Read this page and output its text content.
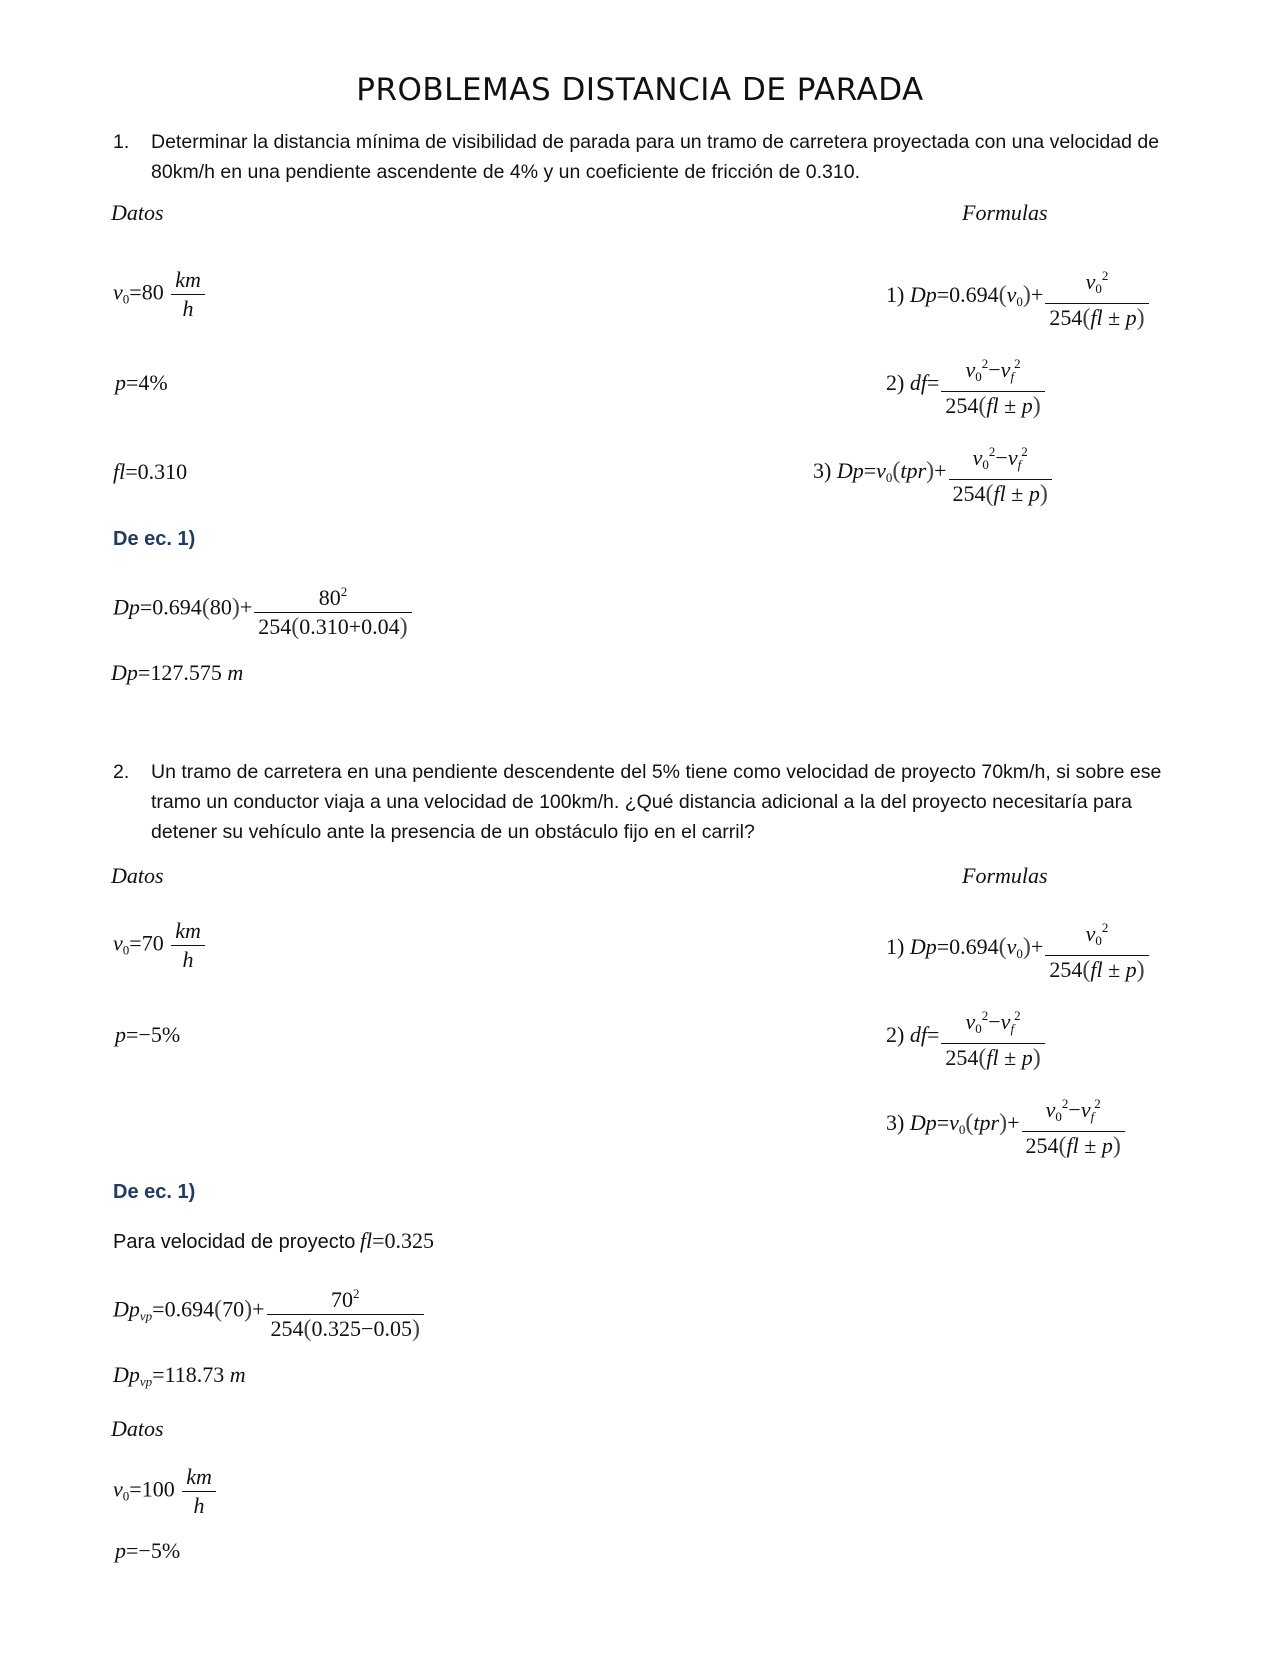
PROBLEMAS DISTANCIA DE PARADA
1. Determinar la distancia mínima de visibilidad de parada para un tramo de carretera proyectada con una velocidad de 80km/h en una pendiente ascendente de 4% y un coeficiente de fricción de 0.310.
Datos	Formulas
$v_0=80 \frac{km}{h}$
p=4%
fl=0.310
1) $Dp=0.694(v_0)+ \frac{v_0^2}{254(fl \pm p)}$
2) $df= \frac{v_0^2-v_f^2}{254(fl \pm p)}$
3) $Dp=v_0(tpr)+ \frac{v_0^2-v_f^2}{254(fl \pm p)}$
De ec. 1)
$Dp=0.694(80)+ \frac{80^2}{254(0.310+0.04)}$
Dp=127.575 m
2. Un tramo de carretera en una pendiente descendente del 5% tiene como velocidad de proyecto 70km/h, si sobre ese tramo un conductor viaja a una velocidad de 100km/h. ¿Qué distancia adicional a la del proyecto necesitaría para detener su vehículo ante la presencia de un obstáculo fijo en el carril?
Datos	Formulas
$v_0=70 \frac{km}{h}$
p=−5%
1) $Dp=0.694(v_0)+ \frac{v_0^2}{254(fl \pm p)}$
2) $df= \frac{v_0^2-v_f^2}{254(fl \pm p)}$
3) $Dp=v_0(tpr)+ \frac{v_0^2-v_f^2}{254(fl \pm p)}$
De ec. 1)
Para velocidad de proyecto fl=0.325
$Dp_{vp}=0.694(70)+ \frac{70^2}{254(0.325-0.05)}$
$Dp_{vp}=118.73$ m
Datos
$v_0=100 \frac{km}{h}$
p=−5%
